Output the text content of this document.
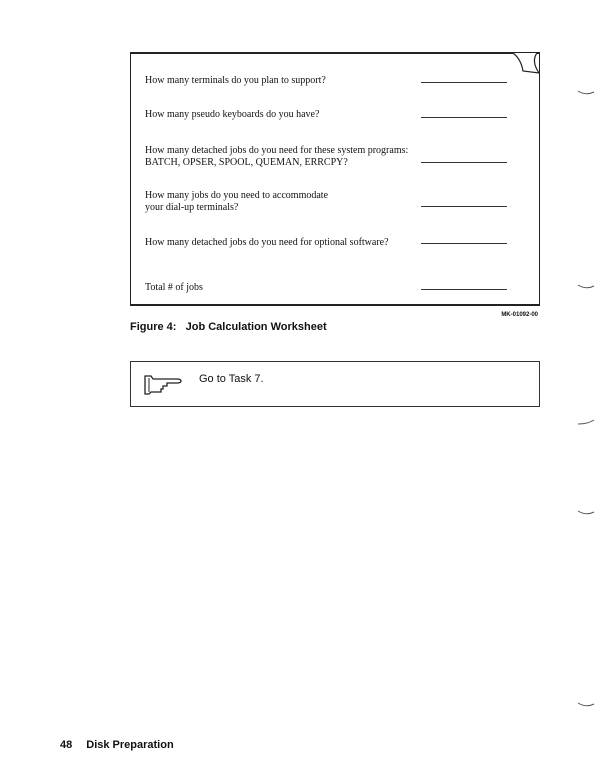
How many terminals do you plan to support?
How many pseudo keyboards do you have?
How many detached jobs do you need for these system programs:
BATCH, OPSER, SPOOL, QUEMAN, ERRCPY?
How many jobs do you need to accommodate
your dial-up terminals?
How many detached jobs do you need for optional software?
Total # of jobs
MK-01092-00
Figure 4:   Job Calculation Worksheet
Go to Task 7.
48 Disk Preparation
